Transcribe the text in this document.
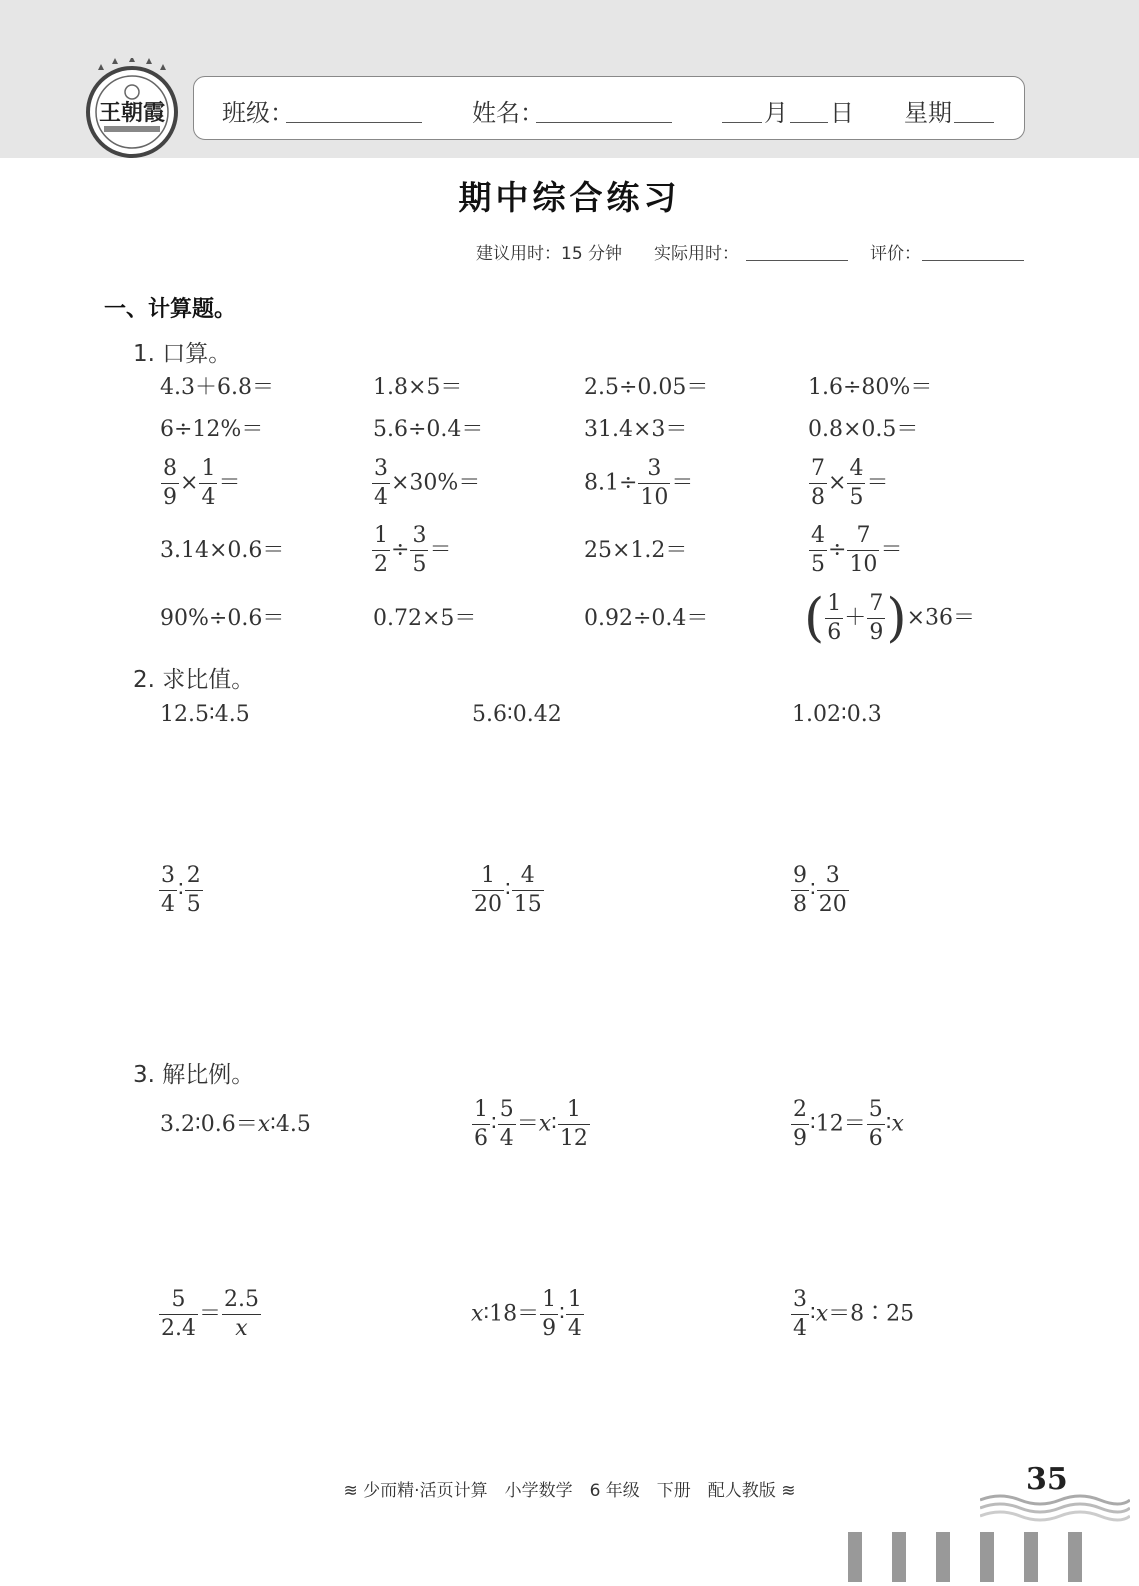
王朝霞 班级：	姓名：	月 日 星期
期中综合练习
建议用时：15 分钟 实际用时：	评价：
一、计算题。
1. 口算。
4.3＋6.8＝	1.8×5＝	2.5÷0.05＝	1.6÷80%＝
6÷12%＝	5.6÷0.4＝	31.4×3＝	0.8×0.5＝
$\frac{8}{9} \times \frac{1}{4}$ ＝	$\frac{3}{4} \times 30\%=$	$8.1\div \frac{3}{10}$ ＝	$\frac{7}{8} \times \frac{4}{5}$ ＝
3.14×0.6＝	$\frac{1}{2} \div \frac{3}{5}$ ＝	25×1.2＝	$\frac{4}{5} \div \frac{7}{10}$ ＝
90%÷0.6＝	0.72×5＝	0.92÷0.4＝ ( $\frac{1}{6} + \frac{7}{9} )\times 36=$
2. 求比值。
12.5∶4.5	5.6∶0.42	1.02∶0.3
$\frac{3}{4}$ ∶ $\frac{2}{5}$	$\frac{1}{20}$ ∶ $\frac{4}{15}$	$\frac{9}{8}$ ∶ $\frac{3}{20}$
3. 解比例。
3.2∶0.6＝x∶4.5	$\frac{1}{6}$ ∶ $\frac{5}{4}$ ＝x∶ $\frac{1}{12}$	$\frac{2}{9}$ ∶12＝ $\frac{5}{6}$ ∶x
$\frac{5}{2.4} = \frac{2.5}{x}$	x∶18＝ $\frac{1}{9}$ ∶ $\frac{1}{4}$	$\frac{3}{4}$ ∶x＝8∶25
≋ 少而精·活页计算　小学数学　6 年级　下册　配人教版 ≋	35
